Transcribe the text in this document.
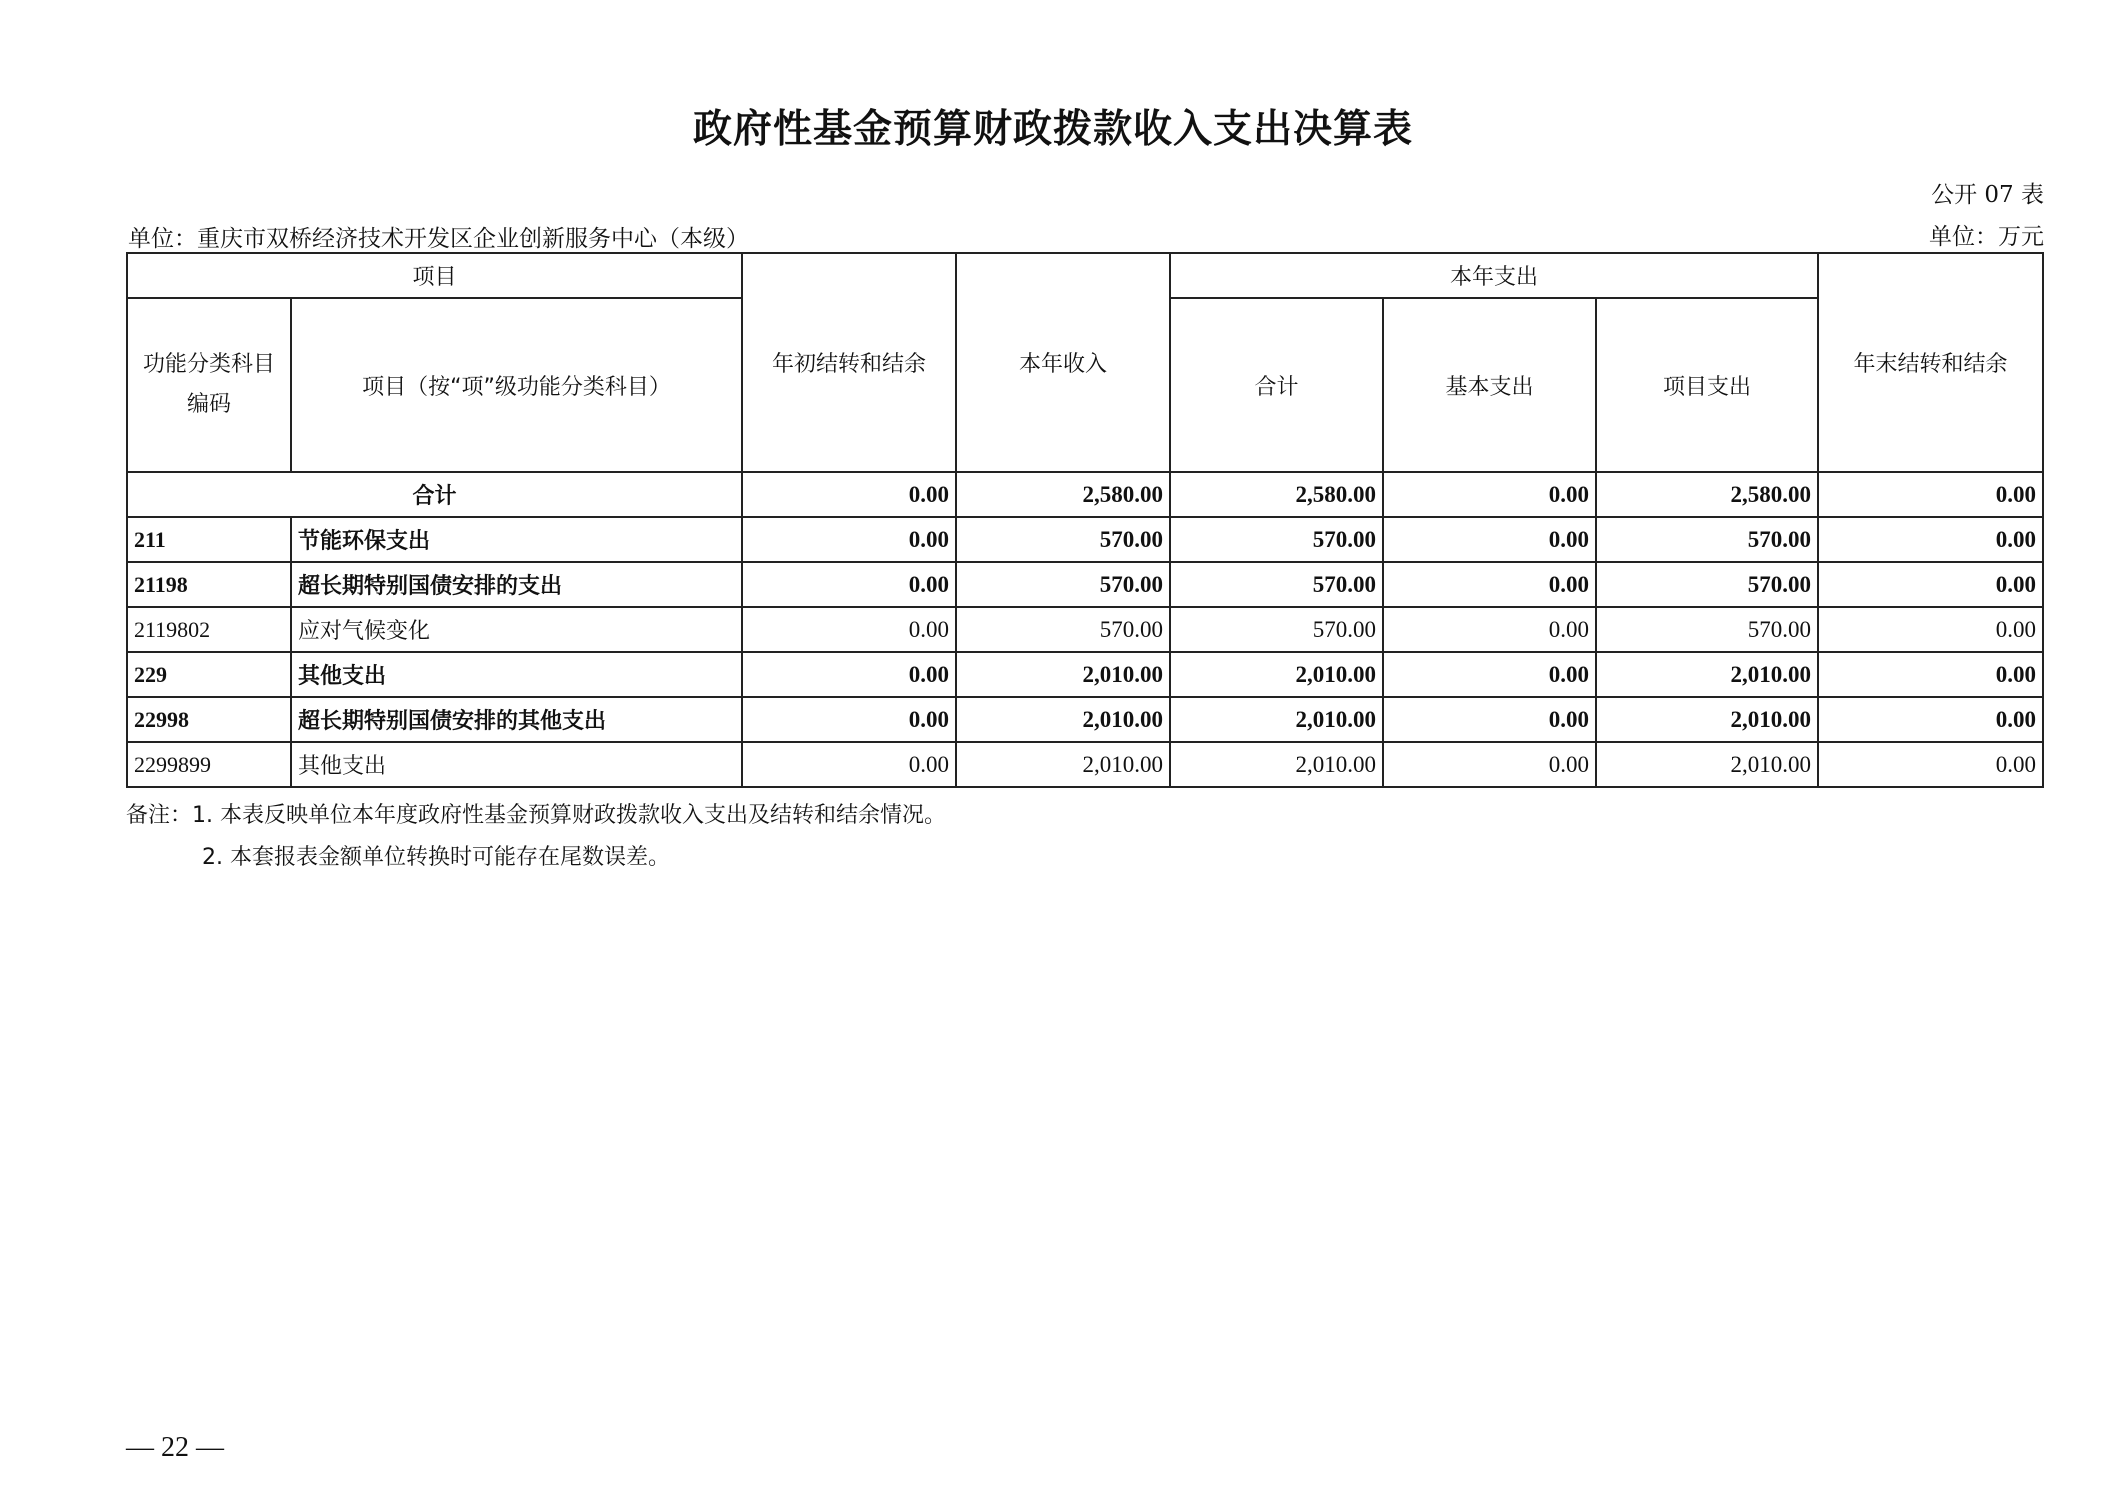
政府性基金预算财政拨款收入支出决算表
公开 07 表
单位：重庆市双桥经济技术开发区企业创新服务中心（本级）	单位：万元
项目		年初结转和结余	本年收入	本年支出			年末结转和结余
功能分类科目编码	项目（按“项”级功能分类科目）			合计	基本支出	项目支出	
合计		0.00	2,580.00	2,580.00	0.00	2,580.00	0.00
211	节能环保支出	0.00	570.00	570.00	0.00	570.00	0.00
21198	超长期特别国债安排的支出	0.00	570.00	570.00	0.00	570.00	0.00
2119802	应对气候变化	0.00	570.00	570.00	0.00	570.00	0.00
229	其他支出	0.00	2,010.00	2,010.00	0.00	2,010.00	0.00
22998	超长期特别国债安排的其他支出	0.00	2,010.00	2,010.00	0.00	2,010.00	0.00
2299899	其他支出	0.00	2,010.00	2,010.00	0.00	2,010.00	0.00
备注：1. 本表反映单位本年度政府性基金预算财政拨款收入支出及结转和结余情况。
2. 本套报表金额单位转换时可能存在尾数误差。
— 22 —
